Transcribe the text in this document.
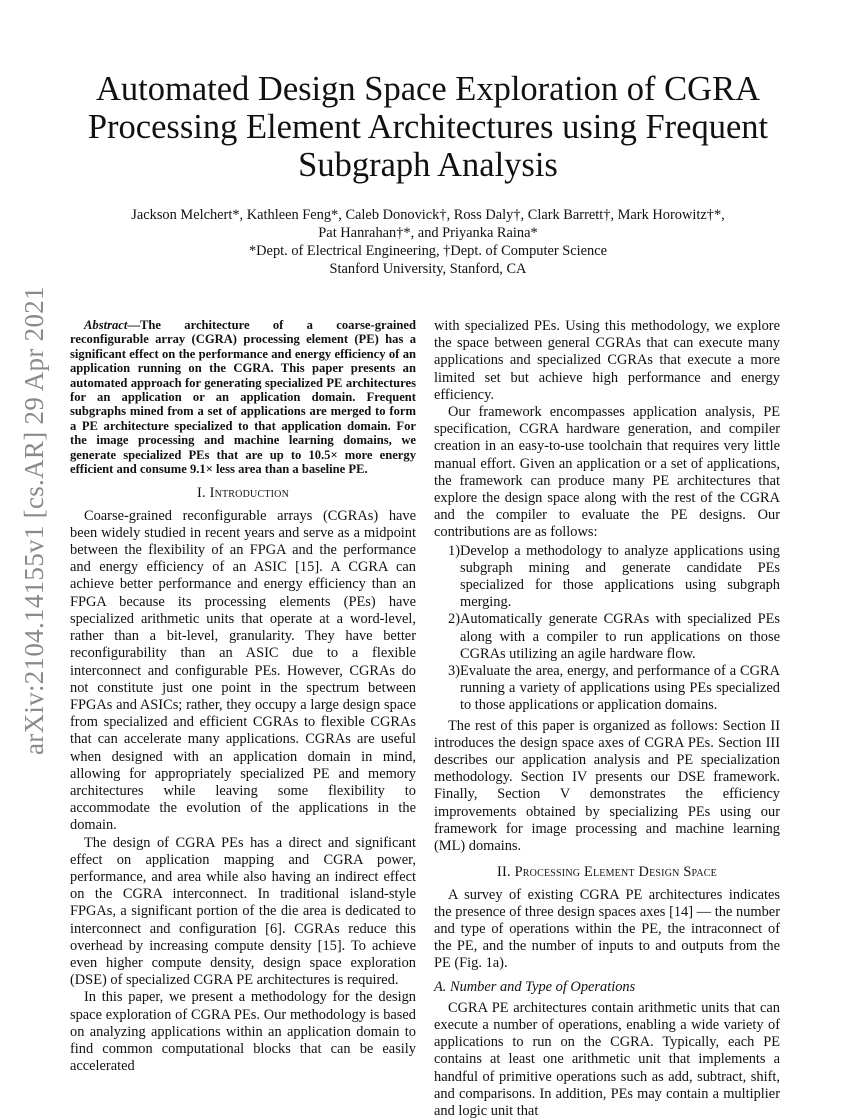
arXiv:2104.14155v1 [cs.AR] 29 Apr 2021
Automated Design Space Exploration of CGRA
Processing Element Architectures using Frequent
Subgraph Analysis
Jackson Melchert*, Kathleen Feng*, Caleb Donovick†, Ross Daly†, Clark Barrett†, Mark Horowitz†*,
Pat Hanrahan†*, and Priyanka Raina*
*Dept. of Electrical Engineering, †Dept. of Computer Science
Stanford University, Stanford, CA

Abstract—The architecture of a coarse-grained reconfigurable array (CGRA) processing element (PE) has a significant effect on the performance and energy efficiency of an application running on the CGRA. This paper presents an automated approach for generating specialized PE architectures for an application or an application domain. Frequent subgraphs mined from a set of applications are merged to form a PE architecture specialized to that application domain. For the image processing and machine learning domains, we generate specialized PEs that are up to 10.5× more energy efficient and consume 9.1× less area than a baseline PE.

I. Introduction

Coarse-grained reconfigurable arrays (CGRAs) have been widely studied in recent years and serve as a midpoint between the flexibility of an FPGA and the performance and energy efficiency of an ASIC [15]. A CGRA can achieve better performance and energy efficiency than an FPGA because its processing elements (PEs) have specialized arithmetic units that operate at a word-level, rather than a bit-level, granularity. They have better reconfigurability than an ASIC due to a flexible interconnect and configurable PEs. However, CGRAs do not constitute just one point in the spectrum between FPGAs and ASICs; rather, they occupy a large design space from specialized and efficient CGRAs to flexible CGRAs that can accelerate many applications. CGRAs are useful when designed with an application domain in mind, allowing for appropriately specialized PE and memory architectures while leaving some flexibility to accommodate the evolution of the applications in the domain.

The design of CGRA PEs has a direct and significant effect on application mapping and CGRA power, performance, and area while also having an indirect effect on the CGRA interconnect. In traditional island-style FPGAs, a significant portion of the die area is dedicated to interconnect and configuration [6]. CGRAs reduce this overhead by increasing compute density [15]. To achieve even higher compute density, design space exploration (DSE) of specialized CGRA PE architectures is required.

In this paper, we present a methodology for the design space exploration of CGRA PEs. Our methodology is based on analyzing applications within an application domain to find common computational blocks that can be easily accelerated

with specialized PEs. Using this methodology, we explore the space between general CGRAs that can execute many applications and specialized CGRAs that execute a more limited set but achieve high performance and energy efficiency.

Our framework encompasses application analysis, PE specification, CGRA hardware generation, and compiler creation in an easy-to-use toolchain that requires very little manual effort. Given an application or a set of applications, the framework can produce many PE architectures that explore the design space along with the rest of the CGRA and the compiler to evaluate the PE designs. Our contributions are as follows:

1) Develop a methodology to analyze applications using subgraph mining and generate candidate PEs specialized for those applications using subgraph merging.
2) Automatically generate CGRAs with specialized PEs along with a compiler to run applications on those CGRAs utilizing an agile hardware flow.
3) Evaluate the area, energy, and performance of a CGRA running a variety of applications using PEs specialized to those applications or application domains.

The rest of this paper is organized as follows: Section II introduces the design space axes of CGRA PEs. Section III describes our application analysis and PE specialization methodology. Section IV presents our DSE framework. Finally, Section V demonstrates the efficiency improvements obtained by specializing PEs using our framework for image processing and machine learning (ML) domains.

II. Processing Element Design Space

A survey of existing CGRA PE architectures indicates the presence of three design spaces axes [14] — the number and type of operations within the PE, the intraconnect of the PE, and the number of inputs to and outputs from the PE (Fig. 1a).

A. Number and Type of Operations

CGRA PE architectures contain arithmetic units that can execute a number of operations, enabling a wide variety of applications to run on the CGRA. Typically, each PE contains at least one arithmetic unit that implements a handful of primitive operations such as add, subtract, shift, and comparisons. In addition, PEs may contain a multiplier and logic unit that
